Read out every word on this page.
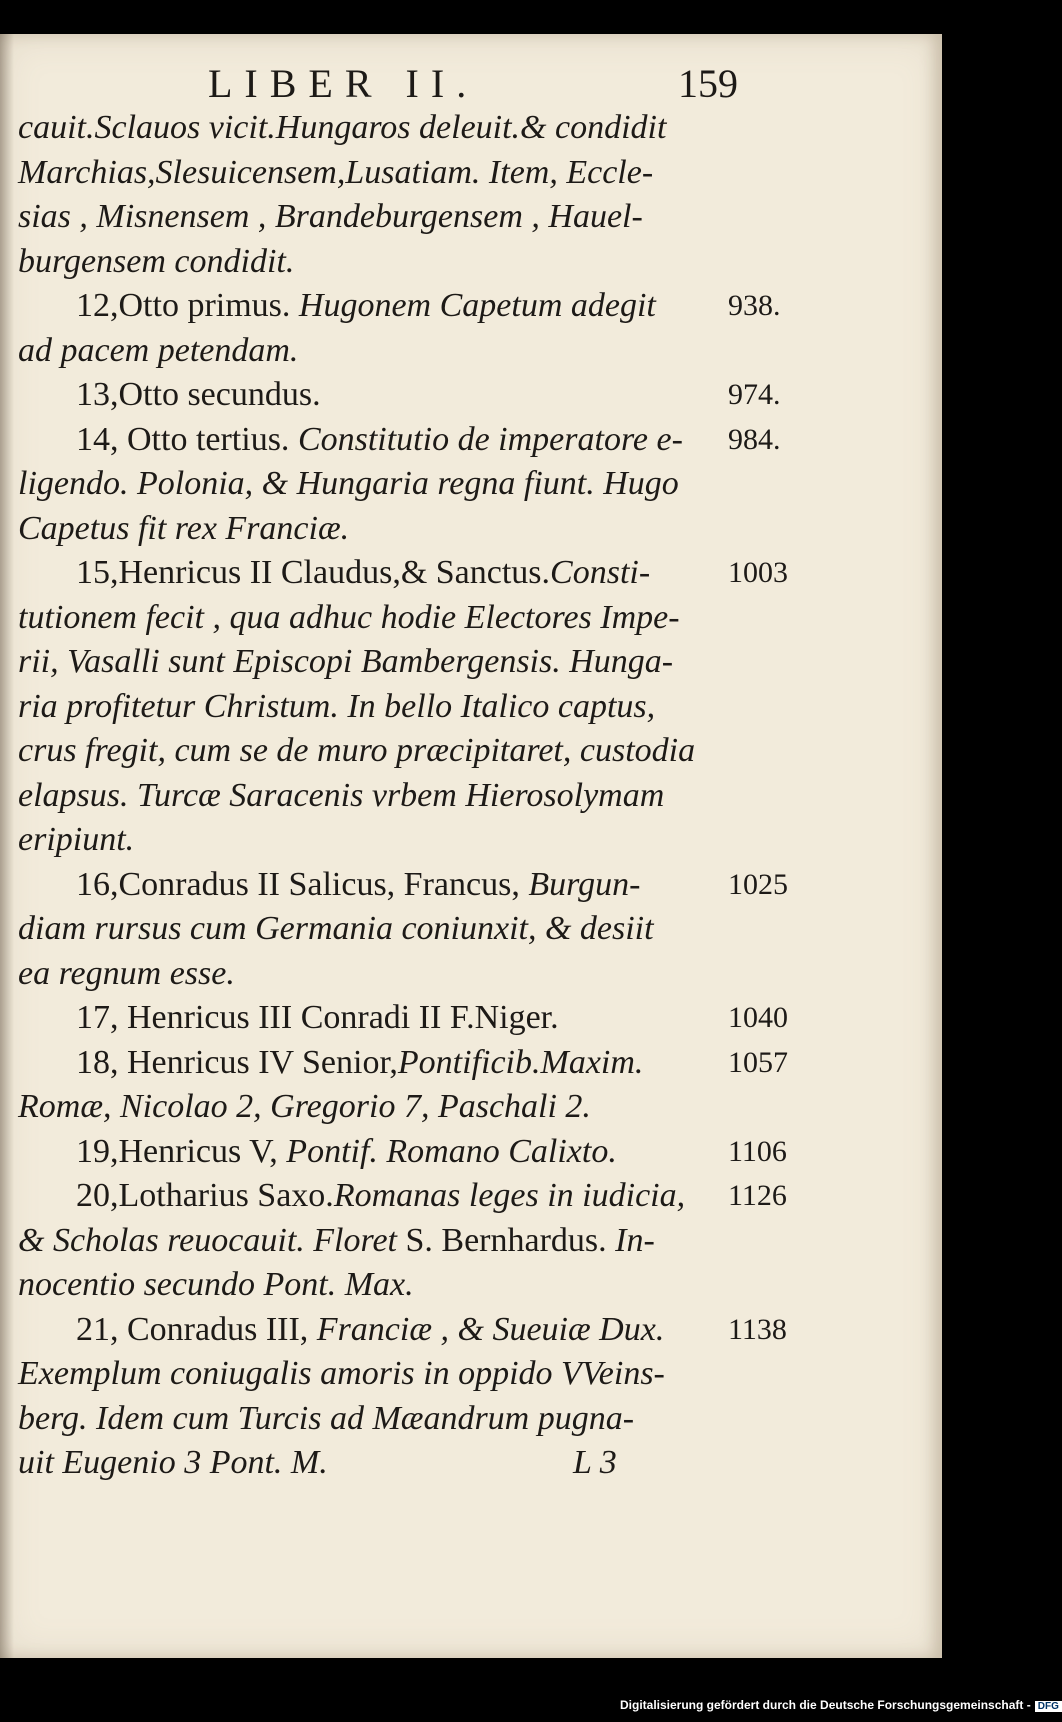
LIBER II.	159
cauit.Sclauos vicit.Hungaros deleuit.& condidit
Marchias,Slesuicensem,Lusatiam. Item, Eccle-
sias , Misnensem , Brandeburgensem , Hauel-
burgensem condidit.
12,Otto primus. Hugonem Capetum adegit 938.
ad pacem petendam.
13,Otto secundus.	974.
14, Otto tertius. Constitutio de imperatore e- 984.
ligendo. Polonia, & Hungaria regna fiunt. Hugo
Capetus fit rex Franciæ.
15,Henricus II Claudus,& Sanctus.Consti-	1003
tutionem fecit , qua adhuc hodie Electores Impe-
rii, Vasalli sunt Episcopi Bambergensis. Hunga-
ria profitetur Christum. In bello Italico captus,
crus fregit, cum se de muro præcipitaret, custodia
elapsus. Turcæ Saracenis vrbem Hierosolymam
eripiunt.
16,Conradus II Salicus, Francus, Burgun-	1025
diam rursus cum Germania coniunxit, & desiit
ea regnum esse.
17, Henricus III Conradi II F.Niger.	1040
18, Henricus IV Senior,Pontificib.Maxim.	1057
Romæ, Nicolao 2, Gregorio 7, Paschali 2.
19,Henricus V, Pontif. Romano Calixto.	1106
20,Lotharius Saxo.Romanas leges in iudicia, 1126
& Scholas reuocauit. Floret S. Bernhardus. In-
nocentio secundo Pont. Max.
21, Conradus III, Franciæ , & Sueuiæ Dux. 1138
Exemplum coniugalis amoris in oppido VVeins-
berg. Idem cum Turcis ad Mæandrum pugna-
uit Eugenio 3 Pont. M.	L 3
Digitalisierung gefördert durch die Deutsche Forschungsgemeinschaft - DFG
